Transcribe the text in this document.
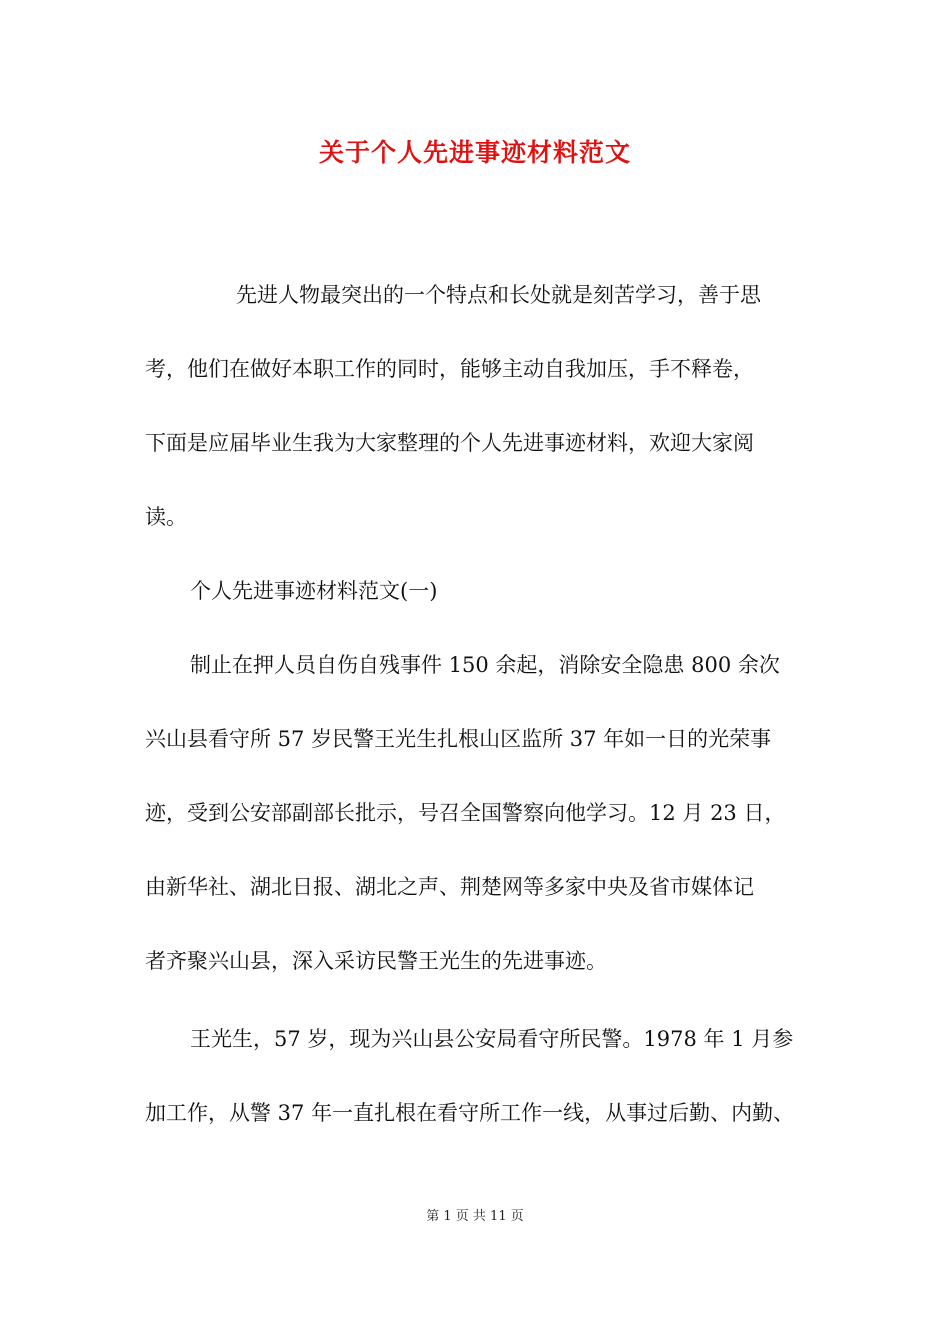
关于个人先进事迹材料范文
先进人物最突出的一个特点和长处就是刻苦学习，善于思
考，他们在做好本职工作的同时，能够主动自我加压，手不释卷，
下面是应届毕业生我为大家整理的个人先进事迹材料，欢迎大家阅
读。
个人先进事迹材料范文(一)
制止在押人员自伤自残事件 150 余起，消除安全隐患 800 余次
兴山县看守所 57 岁民警王光生扎根山区监所 37 年如一日的光荣事
迹，受到公安部副部长批示，号召全国警察向他学习。12 月 23 日，
由新华社、湖北日报、湖北之声、荆楚网等多家中央及省市媒体记
者齐聚兴山县，深入采访民警王光生的先进事迹。
王光生，57 岁，现为兴山县公安局看守所民警。1978 年 1 月参
加工作，从警 37 年一直扎根在看守所工作一线，从事过后勤、内勤、
第 1 页 共 11 页
